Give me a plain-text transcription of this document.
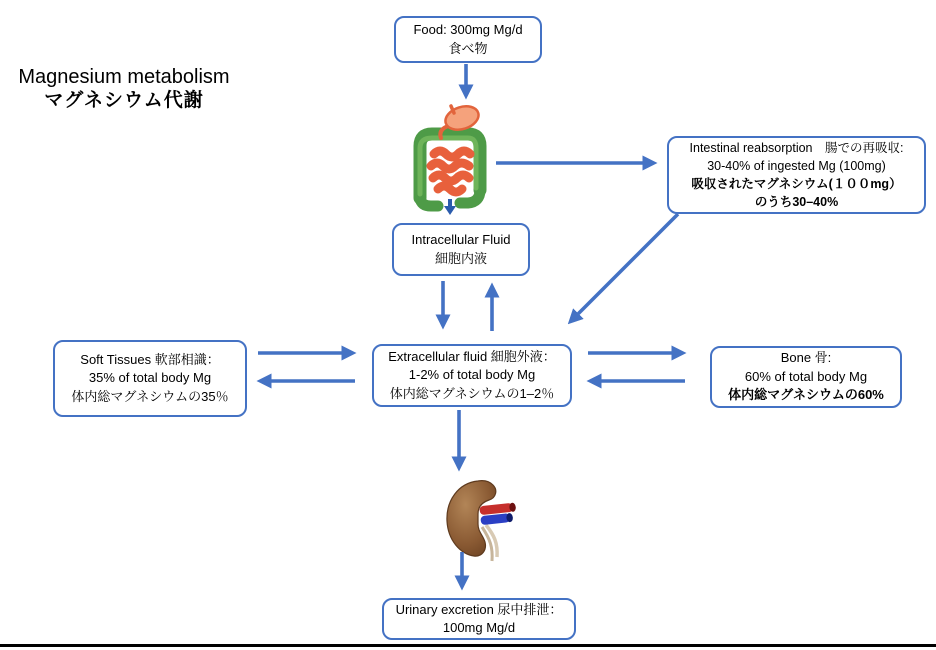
Magnesium metabolism
マグネシウム代謝
Food: 300mg Mg/d
食べ物
Intestinal reabsorption　腸での再吸収:
30-40% of ingested Mg (100mg)
吸収されたマグネシウム(１００mg）
のうち30–40%
Intracellular Fluid
細胞内液
Extracellular fluid 細胞外液：
1-2% of total body Mg
体内総マグネシウムの1–2％
Soft Tissues 軟部相識：
35% of total body Mg
体内総マグネシウムの35％
Bone 骨:
60% of total body Mg
体内総マグネシウムの60%
Urinary excretion 尿中排泄：
100mg Mg/d
